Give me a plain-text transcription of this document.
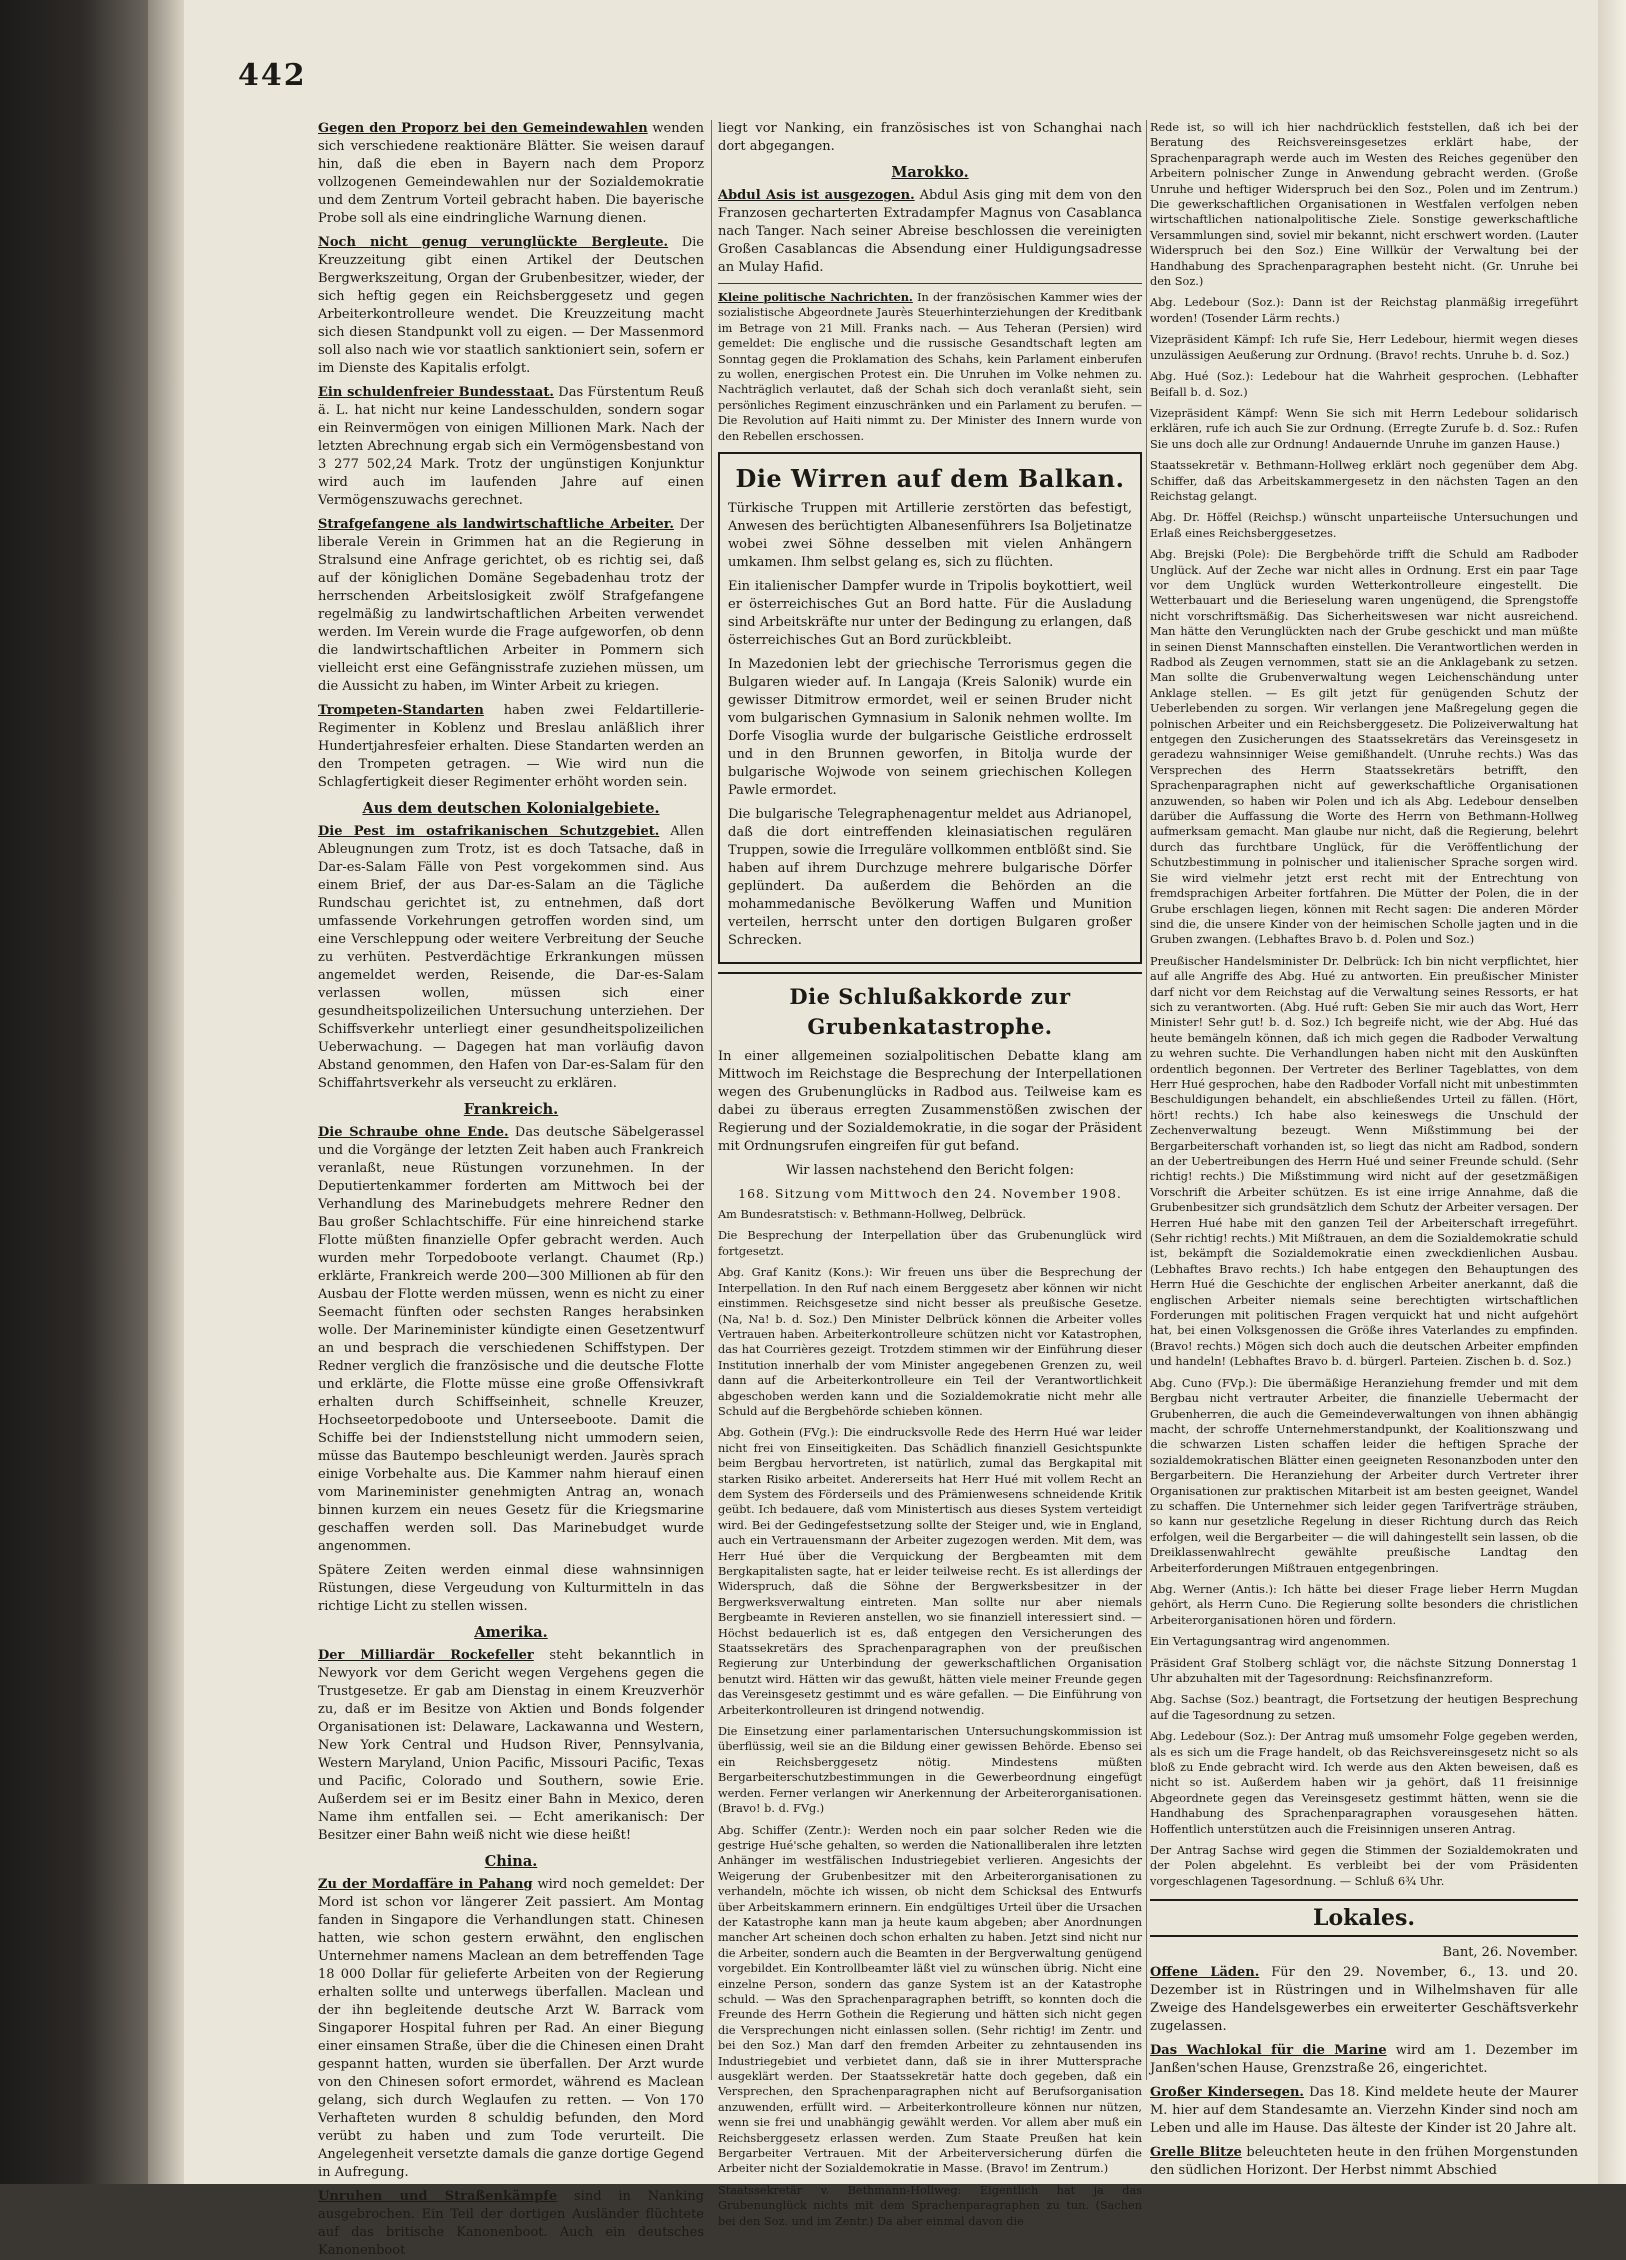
442

Gegen den Proporz bei den Gemeindewahlen wenden sich verschiedene reaktionäre Blätter. Sie weisen darauf hin, daß die eben in Bayern nach dem Proporz vollzogenen Gemeindewahlen nur der Sozialdemokratie und dem Zentrum Vorteil gebracht haben. Die bayerische Probe soll als eine eindringliche Warnung dienen.

Noch nicht genug verunglückte Bergleute. Die Kreuzzeitung gibt einen Artikel der Deutschen Bergwerkszeitung, Organ der Grubenbesitzer, wieder, der sich heftig gegen ein Reichsberggesetz und gegen Arbeiterkontrolleure wendet. Die Kreuzzeitung macht sich diesen Standpunkt voll zu eigen. — Der Massenmord soll also nach wie vor staatlich sanktioniert sein, sofern er im Dienste des Kapitalis erfolgt.

Ein schuldenfreier Bundesstaat. Das Fürstentum Reuß ä. L. hat nicht nur keine Landesschulden, sondern sogar ein Reinvermögen von einigen Millionen Mark. Nach der letzten Abrechnung ergab sich ein Vermögensbestand von 3 277 502,24 Mark. Trotz der ungünstigen Konjunktur wird auch im laufenden Jahre auf einen Vermögenszuwachs gerechnet.

Strafgefangene als landwirtschaftliche Arbeiter. Der liberale Verein in Grimmen hat an die Regierung in Stralsund eine Anfrage gerichtet, ob es richtig sei, daß auf der königlichen Domäne Segebadenhau trotz der herrschenden Arbeitslosigkeit zwölf Strafgefangene regelmäßig zu landwirtschaftlichen Arbeiten verwendet werden. Im Verein wurde die Frage aufgeworfen, ob denn die landwirtschaftlichen Arbeiter in Pommern sich vielleicht erst eine Gefängnisstrafe zuziehen müssen, um die Aussicht zu haben, im Winter Arbeit zu kriegen.

Trompeten-Standarten haben zwei Feldartillerie-Regimenter in Koblenz und Breslau anläßlich ihrer Hundertjahresfeier erhalten. Diese Standarten werden an den Trompeten getragen. — Wie wird nun die Schlagfertigkeit dieser Regimenter erhöht worden sein.

Aus dem deutschen Kolonialgebiete.

Die Pest im ostafrikanischen Schutzgebiet. Allen Ableugnungen zum Trotz, ist es doch Tatsache, daß in Dar-es-Salam Fälle von Pest vorgekommen sind. Aus einem Brief, der aus Dar-es-Salam an die Tägliche Rundschau gerichtet ist, zu entnehmen, daß dort umfassende Vorkehrungen getroffen worden sind, um eine Verschleppung oder weitere Verbreitung der Seuche zu verhüten. Pestverdächtige Erkrankungen müssen angemeldet werden, Reisende, die Dar-es-Salam verlassen wollen, müssen sich einer gesundheitspolizeilichen Untersuchung unterziehen. Der Schiffsverkehr unterliegt einer gesundheitspolizeilichen Ueberwachung. — Dagegen hat man vorläufig davon Abstand genommen, den Hafen von Dar-es-Salam für den Schiffahrtsverkehr als verseucht zu erklären.

Frankreich.

Die Schraube ohne Ende. Das deutsche Säbelgerassel und die Vorgänge der letzten Zeit haben auch Frankreich veranlaßt, neue Rüstungen vorzunehmen. In der Deputiertenkammer forderten am Mittwoch bei der Verhandlung des Marinebudgets mehrere Redner den Bau großer Schlachtschiffe. Für eine hinreichend starke Flotte müßten finanzielle Opfer gebracht werden. Auch wurden mehr Torpedoboote verlangt. Chaumet (Rp.) erklärte, Frankreich werde 200—300 Millionen ab für den Ausbau der Flotte werden müssen, wenn es nicht zu einer Seemacht fünften oder sechsten Ranges herabsinken wolle. Der Marineminister kündigte einen Gesetzentwurf an und besprach die verschiedenen Schiffstypen. Der Redner verglich die französische und die deutsche Flotte und erklärte, die Flotte müsse eine große Offensivkraft erhalten durch Schiffseinheit, schnelle Kreuzer, Hochseetorpedoboote und Unterseeboote. Damit die Schiffe bei der Indienststellung nicht ummodern seien, müsse das Bautempo beschleunigt werden. Jaurès sprach einige Vorbehalte aus. Die Kammer nahm hierauf einen vom Marineminister genehmigten Antrag an, wonach binnen kurzem ein neues Gesetz für die Kriegsmarine geschaffen werden soll. Das Marinebudget wurde angenommen.

Spätere Zeiten werden einmal diese wahnsinnigen Rüstungen, diese Vergeudung von Kulturmitteln in das richtige Licht zu stellen wissen.

Amerika.

Der Milliardär Rockefeller steht bekanntlich in Newyork vor dem Gericht wegen Vergehens gegen die Trustgesetze. Er gab am Dienstag in einem Kreuzverhör zu, daß er im Besitze von Aktien und Bonds folgender Organisationen ist: Delaware, Lackawanna und Western, New York Central und Hudson River, Pennsylvania, Western Maryland, Union Pacific, Missouri Pacific, Texas und Pacific, Colorado und Southern, sowie Erie. Außerdem sei er im Besitz einer Bahn in Mexico, deren Name ihm entfallen sei. — Echt amerikanisch: Der Besitzer einer Bahn weiß nicht wie diese heißt!

China.

Zu der Mordaffäre in Pahang wird noch gemeldet: Der Mord ist schon vor längerer Zeit passiert. Am Montag fanden in Singapore die Verhandlungen statt. Chinesen hatten, wie schon gestern erwähnt, den englischen Unternehmer namens Maclean an dem betreffenden Tage 18 000 Dollar für gelieferte Arbeiten von der Regierung erhalten sollte und unterwegs überfallen. Maclean und der ihn begleitende deutsche Arzt W. Barrack vom Singaporer Hospital fuhren per Rad. An einer Biegung einer einsamen Straße, über die die Chinesen einen Draht gespannt hatten, wurden sie überfallen. Der Arzt wurde von den Chinesen sofort ermordet, während es Maclean gelang, sich durch Weglaufen zu retten. — Von 170 Verhafteten wurden 8 schuldig befunden, den Mord verübt zu haben und zum Tode verurteilt. Die Angelegenheit versetzte damals die ganze dortige Gegend in Aufregung.

Unruhen und Straßenkämpfe sind in Nanking ausgebrochen. Ein Teil der dortigen Ausländer flüchtete auf das britische Kanonenboot. Auch ein deutsches Kanonenboot

liegt vor Nanking, ein französisches ist von Schanghai nach dort abgegangen.

Marokko.

Abdul Asis ist ausgezogen. Abdul Asis ging mit dem von den Franzosen gecharterten Extradampfer Magnus von Casablanca nach Tanger. Nach seiner Abreise beschlossen die vereinigten Großen Casablancas die Absendung einer Huldigungsadresse an Mulay Hafid.

Kleine politische Nachrichten. In der französischen Kammer wies der sozialistische Abgeordnete Jaurès Steuerhinterziehungen der Kreditbank im Betrage von 21 Mill. Franks nach. — Aus Teheran (Persien) wird gemeldet: Die englische und die russische Gesandtschaft legten am Sonntag gegen die Proklamation des Schahs, kein Parlament einberufen zu wollen, energischen Protest ein. Die Unruhen im Volke nehmen zu. Nachträglich verlautet, daß der Schah sich doch veranlaßt sieht, sein persönliches Regiment einzuschränken und ein Parlament zu berufen. — Die Revolution auf Haiti nimmt zu. Der Minister des Innern wurde von den Rebellen erschossen.

Die Wirren auf dem Balkan.

Türkische Truppen mit Artillerie zerstörten das befestigt, Anwesen des berüchtigten Albanesenführers Isa Boljetinatze wobei zwei Söhne desselben mit vielen Anhängern umkamen. Ihm selbst gelang es, sich zu flüchten.

Ein italienischer Dampfer wurde in Tripolis boykottiert, weil er österreichisches Gut an Bord hatte. Für die Ausladung sind Arbeitskräfte nur unter der Bedingung zu erlangen, daß österreichisches Gut an Bord zurückbleibt.

In Mazedonien lebt der griechische Terrorismus gegen die Bulgaren wieder auf. In Langaja (Kreis Salonik) wurde ein gewisser Ditmitrow ermordet, weil er seinen Bruder nicht vom bulgarischen Gymnasium in Salonik nehmen wollte. Im Dorfe Visoglia wurde der bulgarische Geistliche erdrosselt und in den Brunnen geworfen, in Bitolja wurde der bulgarische Wojwode von seinem griechischen Kollegen Pawle ermordet.

Die bulgarische Telegraphenagentur meldet aus Adrianopel, daß die dort eintreffenden kleinasiatischen regulären Truppen, sowie die Irreguläre vollkommen entblößt sind. Sie haben auf ihrem Durchzuge mehrere bulgarische Dörfer geplündert. Da außerdem die Behörden an die mohammedanische Bevölkerung Waffen und Munition verteilen, herrscht unter den dortigen Bulgaren großer Schrecken.

Die Schlußakkorde zur Grubenkatastrophe.

In einer allgemeinen sozialpolitischen Debatte klang am Mittwoch im Reichstage die Besprechung der Interpellationen wegen des Grubenunglücks in Radbod aus. Teilweise kam es dabei zu überaus erregten Zusammenstößen zwischen der Regierung und der Sozialdemokratie, in die sogar der Präsident mit Ordnungsrufen eingreifen für gut befand.

Wir lassen nachstehend den Bericht folgen:

168. Sitzung vom Mittwoch den 24. November 1908.

Am Bundesratstisch: v. Bethmann-Hollweg, Delbrück.

Die Besprechung der Interpellation über das Grubenunglück wird fortgesetzt.

Abg. Graf Kanitz (Kons.): Wir freuen uns über die Besprechung der Interpellation. In den Ruf nach einem Berggesetz aber können wir nicht einstimmen. Reichsgesetze sind nicht besser als preußische Gesetze. (Na, Na! b. d. Soz.) Den Minister Delbrück können die Arbeiter volles Vertrauen haben. Arbeiterkontrolleure schützen nicht vor Katastrophen, das hat Courrières gezeigt. Trotzdem stimmen wir der Einführung dieser Institution innerhalb der vom Minister angegebenen Grenzen zu, weil dann auf die Arbeiterkontrolleure ein Teil der Verantwortlichkeit abgeschoben werden kann und die Sozialdemokratie nicht mehr alle Schuld auf die Bergbehörde schieben können.

Abg. Gothein (FVg.): Die eindrucksvolle Rede des Herrn Hué war leider nicht frei von Einseitigkeiten. Das Schädlich finanziell Gesichtspunkte beim Bergbau hervortreten, ist natürlich, zumal das Bergkapital mit starken Risiko arbeitet. Andererseits hat Herr Hué mit vollem Recht an dem System des Förderseils und des Prämienwesens schneidende Kritik geübt. Ich bedauere, daß vom Ministertisch aus dieses System verteidigt wird. Bei der Gedingefestsetzung sollte der Steiger und, wie in England, auch ein Vertrauensmann der Arbeiter zugezogen werden. Mit dem, was Herr Hué über die Verquickung der Bergbeamten mit dem Bergkapitalisten sagte, hat er leider teilweise recht. Es ist allerdings der Widerspruch, daß die Söhne der Bergwerksbesitzer in der Bergwerksverwaltung eintreten. Man sollte nur aber niemals Bergbeamte in Revieren anstellen, wo sie finanziell interessiert sind. — Höchst bedauerlich ist es, daß entgegen den Versicherungen des Staatssekretärs des Sprachenparagraphen von der preußischen Regierung zur Unterbindung der gewerkschaftlichen Organisation benutzt wird. Hätten wir das gewußt, hätten viele meiner Freunde gegen das Vereinsgesetz gestimmt und es wäre gefallen. — Die Einführung von Arbeiterkontrolleuren ist dringend notwendig.

Die Einsetzung einer parlamentarischen Untersuchungskommission ist überflüssig, weil sie an die Bildung einer gewissen Behörde. Ebenso sei ein Reichsberggesetz nötig. Mindestens müßten Bergarbeiterschutzbestimmungen in die Gewerbeordnung eingefügt werden. Ferner verlangen wir Anerkennung der Arbeiterorganisationen. (Bravo! b. d. FVg.)

Abg. Schiffer (Zentr.): Werden noch ein paar solcher Reden wie die gestrige Hué'sche gehalten, so werden die Nationalliberalen ihre letzten Anhänger im westfälischen Industriegebiet verlieren. Angesichts der Weigerung der Grubenbesitzer mit den Arbeiterorganisationen zu verhandeln, möchte ich wissen, ob nicht dem Schicksal des Entwurfs über Arbeitskammern erinnern. Ein endgültiges Urteil über die Ursachen der Katastrophe kann man ja heute kaum abgeben; aber Anordnungen mancher Art scheinen doch schon erhalten zu haben. Jetzt sind nicht nur die Arbeiter, sondern auch die Beamten in der Bergverwaltung genügend vorgebildet. Ein Kontrollbeamter läßt viel zu wünschen übrig. Nicht eine einzelne Person, sondern das ganze System ist an der Katastrophe schuld. — Was den Sprachenparagraphen betrifft, so konnten doch die Freunde des Herrn Gothein die Regierung und hätten sich nicht gegen die Versprechungen nicht einlassen sollen. (Sehr richtig! im Zentr. und bei den Soz.) Man darf den fremden Arbeiter zu zehntausenden ins Industriegebiet und verbietet dann, daß sie in ihrer Muttersprache ausgeklärt werden. Der Staatssekretär hatte doch gegeben, daß ein Versprechen, den Sprachenparagraphen nicht auf Berufsorganisation anzuwenden, erfüllt wird. — Arbeiterkontrolleure können nur nützen, wenn sie frei und unabhängig gewählt werden. Vor allem aber muß ein Reichsberggesetz erlassen werden. Zum Staate Preußen hat kein Bergarbeiter Vertrauen. Mit der Arbeiterversicherung dürfen die Arbeiter nicht der Sozialdemokratie in Masse. (Bravo! im Zentrum.)

Staatssekretär v. Bethmann-Hollweg: Eigentlich hat ja das Grubenunglück nichts mit dem Sprachenparagraphen zu tun. (Sachen bei den Soz. und im Zentr.) Da aber einmal davon die

Rede ist, so will ich hier nachdrücklich feststellen, daß ich bei der Beratung des Reichsvereinsgesetzes erklärt habe, der Sprachenparagraph werde auch im Westen des Reiches gegenüber den Arbeitern polnischer Zunge in Anwendung gebracht werden. (Große Unruhe und heftiger Widerspruch bei den Soz., Polen und im Zentrum.) Die gewerkschaftlichen Organisationen in Westfalen verfolgen neben wirtschaftlichen nationalpolitische Ziele. Sonstige gewerkschaftliche Versammlungen sind, soviel mir bekannt, nicht erschwert worden. (Lauter Widerspruch bei den Soz.) Eine Willkür der Verwaltung bei der Handhabung des Sprachenparagraphen besteht nicht. (Gr. Unruhe bei den Soz.)

Abg. Ledebour (Soz.): Dann ist der Reichstag planmäßig irregeführt worden! (Tosender Lärm rechts.)

Vizepräsident Kämpf: Ich rufe Sie, Herr Ledebour, hiermit wegen dieses unzulässigen Aeußerung zur Ordnung. (Bravo! rechts. Unruhe b. d. Soz.)

Abg. Hué (Soz.): Ledebour hat die Wahrheit gesprochen. (Lebhafter Beifall b. d. Soz.)

Vizepräsident Kämpf: Wenn Sie sich mit Herrn Ledebour solidarisch erklären, rufe ich auch Sie zur Ordnung. (Erregte Zurufe b. d. Soz.: Rufen Sie uns doch alle zur Ordnung! Andauernde Unruhe im ganzen Hause.)

Staatssekretär v. Bethmann-Hollweg erklärt noch gegenüber dem Abg. Schiffer, daß das Arbeitskammergesetz in den nächsten Tagen an den Reichstag gelangt.

Abg. Dr. Höffel (Reichsp.) wünscht unparteiische Untersuchungen und Erlaß eines Reichsberggesetzes.

Abg. Brejski (Pole): Die Bergbehörde trifft die Schuld am Radboder Unglück. Auf der Zeche war nicht alles in Ordnung. Erst ein paar Tage vor dem Unglück wurden Wetterkontrolleure eingestellt. Die Wetterbauart und die Berieselung waren ungenügend, die Sprengstoffe nicht vorschriftsmäßig. Das Sicherheitswesen war nicht ausreichend. Man hätte den Verunglückten nach der Grube geschickt und man müßte in seinen Dienst Mannschaften einstellen. Die Verantwortlichen werden in Radbod als Zeugen vernommen, statt sie an die Anklagebank zu setzen. Man sollte die Grubenverwaltung wegen Leichenschändung unter Anklage stellen. — Es gilt jetzt für genügenden Schutz der Ueberlebenden zu sorgen. Wir verlangen jene Maßregelung gegen die polnischen Arbeiter und ein Reichsberggesetz. Die Polizeiverwaltung hat entgegen den Zusicherungen des Staatssekretärs das Vereinsgesetz in geradezu wahnsinniger Weise gemißhandelt. (Unruhe rechts.) Was das Versprechen des Herrn Staatssekretärs betrifft, den Sprachenparagraphen nicht auf gewerkschaftliche Organisationen anzuwenden, so haben wir Polen und ich als Abg. Ledebour denselben darüber die Auffassung die Worte des Herrn von Bethmann-Hollweg aufmerksam gemacht. Man glaube nur nicht, daß die Regierung, belehrt durch das furchtbare Unglück, für die Veröffentlichung der Schutzbestimmung in polnischer und italienischer Sprache sorgen wird. Sie wird vielmehr jetzt erst recht mit der Entrechtung von fremdsprachigen Arbeiter fortfahren. Die Mütter der Polen, die in der Grube erschlagen liegen, können mit Recht sagen: Die anderen Mörder sind die, die unsere Kinder von der heimischen Scholle jagten und in die Gruben zwangen. (Lebhaftes Bravo b. d. Polen und Soz.)

Preußischer Handelsminister Dr. Delbrück: Ich bin nicht verpflichtet, hier auf alle Angriffe des Abg. Hué zu antworten. Ein preußischer Minister darf nicht vor dem Reichstag auf die Verwaltung seines Ressorts, er hat sich zu verantworten. (Abg. Hué ruft: Geben Sie mir auch das Wort, Herr Minister! Sehr gut! b. d. Soz.) Ich begreife nicht, wie der Abg. Hué das heute bemängeln können, daß ich mich gegen die Radboder Verwaltung zu wehren suchte. Die Verhandlungen haben nicht mit den Auskünften ordentlich begonnen. Der Vertreter des Berliner Tageblattes, von dem Herr Hué gesprochen, habe den Radboder Vorfall nicht mit unbestimmten Beschuldigungen behandelt, ein abschließendes Urteil zu fällen. (Hört, hört! rechts.) Ich habe also keineswegs die Unschuld der Zechenverwaltung bezeugt. Wenn Mißstimmung bei der Bergarbeiterschaft vorhanden ist, so liegt das nicht am Radbod, sondern an der Uebertreibungen des Herrn Hué und seiner Freunde schuld. (Sehr richtig! rechts.) Die Mißstimmung wird nicht auf der gesetzmäßigen Vorschrift die Arbeiter schützen. Es ist eine irrige Annahme, daß die Grubenbesitzer sich grundsätzlich dem Schutz der Arbeiter versagen. Der Herren Hué habe mit den ganzen Teil der Arbeiterschaft irregeführt. (Sehr richtig! rechts.) Mit Mißtrauen, an dem die Sozialdemokratie schuld ist, bekämpft die Sozialdemokratie einen zweckdienlichen Ausbau. (Lebhaftes Bravo rechts.) Ich habe entgegen den Behauptungen des Herrn Hué die Geschichte der englischen Arbeiter anerkannt, daß die englischen Arbeiter niemals seine berechtigten wirtschaftlichen Forderungen mit politischen Fragen verquickt hat und nicht aufgehört hat, bei einen Volksgenossen die Größe ihres Vaterlandes zu empfinden. (Bravo! rechts.) Mögen sich doch auch die deutschen Arbeiter empfinden und handeln! (Lebhaftes Bravo b. d. bürgerl. Parteien. Zischen b. d. Soz.)

Abg. Cuno (FVp.): Die übermäßige Heranziehung fremder und mit dem Bergbau nicht vertrauter Arbeiter, die finanzielle Uebermacht der Grubenherren, die auch die Gemeindeverwaltungen von ihnen abhängig macht, der schroffe Unternehmerstandpunkt, der Koalitionszwang und die schwarzen Listen schaffen leider die heftigen Sprache der sozialdemokratischen Blätter einen geeigneten Resonanzboden unter den Bergarbeitern. Die Heranziehung der Arbeiter durch Vertreter ihrer Organisationen zur praktischen Mitarbeit ist am besten geeignet, Wandel zu schaffen. Die Unternehmer sich leider gegen Tarifverträge sträuben, so kann nur gesetzliche Regelung in dieser Richtung durch das Reich erfolgen, weil die Bergarbeiter — die will dahingestellt sein lassen, ob die Dreiklassenwahlrecht gewählte preußische Landtag den Arbeiterforderungen Mißtrauen entgegenbringen.

Abg. Werner (Antis.): Ich hätte bei dieser Frage lieber Herrn Mugdan gehört, als Herrn Cuno. Die Regierung sollte besonders die christlichen Arbeiterorganisationen hören und fördern.

Ein Vertagungsantrag wird angenommen.

Präsident Graf Stolberg schlägt vor, die nächste Sitzung Donnerstag 1 Uhr abzuhalten mit der Tagesordnung: Reichsfinanzreform.

Abg. Sachse (Soz.) beantragt, die Fortsetzung der heutigen Besprechung auf die Tagesordnung zu setzen.

Abg. Ledebour (Soz.): Der Antrag muß umsomehr Folge gegeben werden, als es sich um die Frage handelt, ob das Reichsvereinsgesetz nicht so als bloß zu Ende gebracht wird. Ich werde aus den Akten beweisen, daß es nicht so ist. Außerdem haben wir ja gehört, daß 11 freisinnige Abgeordnete gegen das Vereinsgesetz gestimmt hätten, wenn sie die Handhabung des Sprachenparagraphen vorausgesehen hätten. Hoffentlich unterstützen auch die Freisinnigen unseren Antrag.

Der Antrag Sachse wird gegen die Stimmen der Sozialdemokraten und der Polen abgelehnt. Es verbleibt bei der vom Präsidenten vorgeschlagenen Tagesordnung. — Schluß 6¾ Uhr.

Lokales.
Bant, 26. November.

Offene Läden. Für den 29. November, 6., 13. und 20. Dezember ist in Rüstringen und in Wilhelmshaven für alle Zweige des Handelsgewerbes ein erweiterter Geschäftsverkehr zugelassen.

Das Wachlokal für die Marine wird am 1. Dezember im Janßen'schen Hause, Grenzstraße 26, eingerichtet.

Großer Kindersegen. Das 18. Kind meldete heute der Maurer M. hier auf dem Standesamte an. Vierzehn Kinder sind noch am Leben und alle im Hause. Das älteste der Kinder ist 20 Jahre alt.

Grelle Blitze beleuchteten heute in den frühen Morgenstunden den südlichen Horizont. Der Herbst nimmt Abschied
